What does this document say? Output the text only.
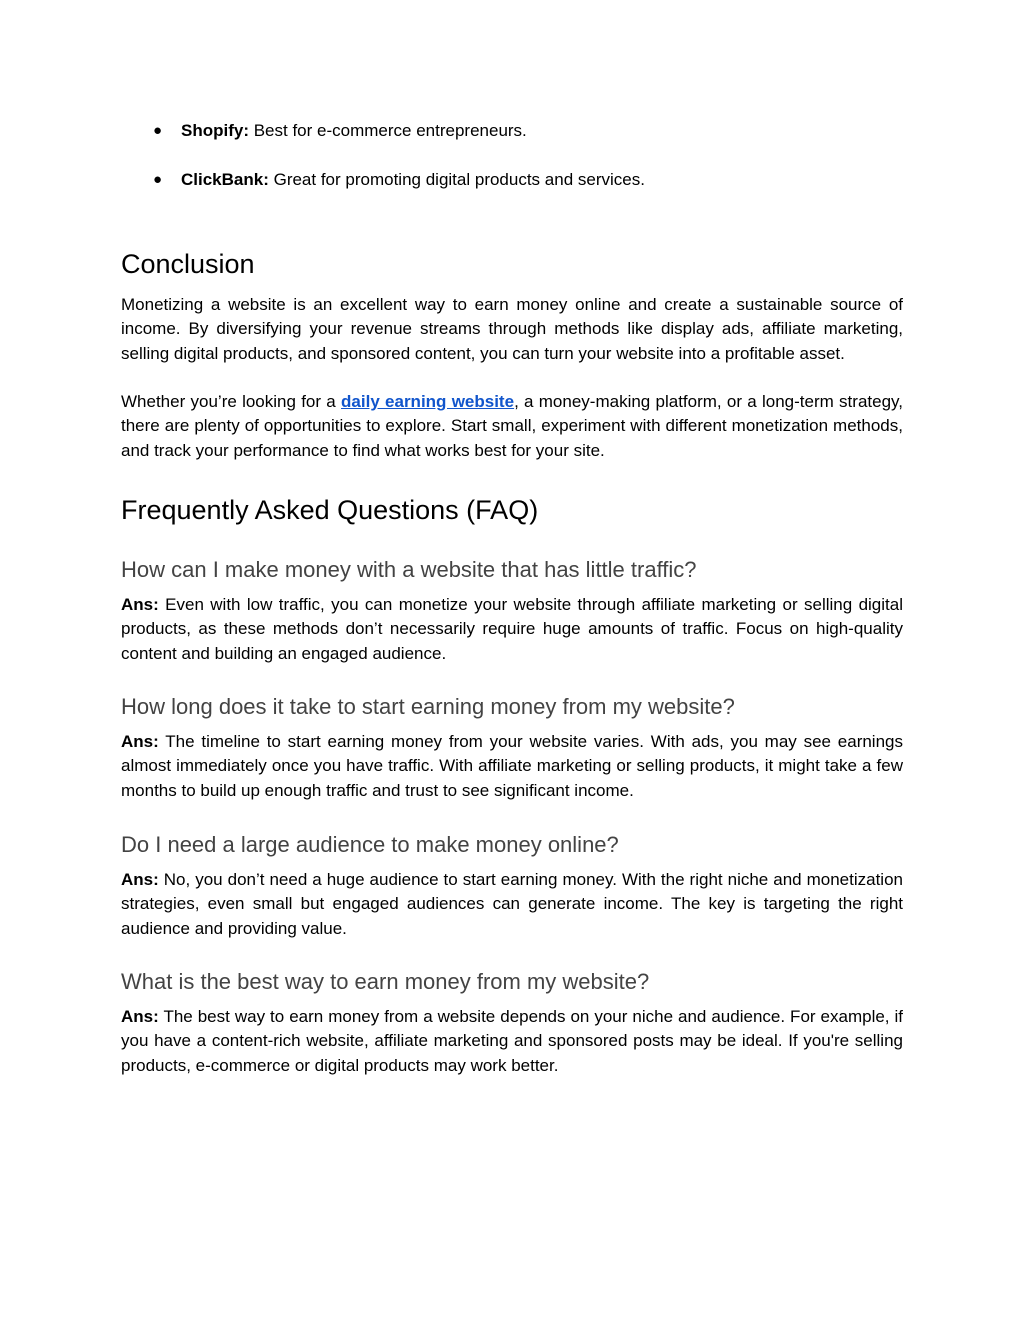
● Shopify: Best for e-commerce entrepreneurs.
● ClickBank: Great for promoting digital products and services.
Conclusion

Monetizing a website is an excellent way to earn money online and create a sustainable source of income. By diversifying your revenue streams through methods like display ads, affiliate marketing, selling digital products, and sponsored content, you can turn your website into a profitable asset.

Whether you’re looking for a daily earning website, a money-making platform, or a long-term strategy, there are plenty of opportunities to explore. Start small, experiment with different monetization methods, and track your performance to find what works best for your site.

Frequently Asked Questions (FAQ)
How can I make money with a website that has little traffic?

Ans: Even with low traffic, you can monetize your website through affiliate marketing or selling digital products, as these methods don’t necessarily require huge amounts of traffic. Focus on high-quality content and building an engaged audience.

How long does it take to start earning money from my website?

Ans: The timeline to start earning money from your website varies. With ads, you may see earnings almost immediately once you have traffic. With affiliate marketing or selling products, it might take a few months to build up enough traffic and trust to see significant income.

Do I need a large audience to make money online?

Ans: No, you don’t need a huge audience to start earning money. With the right niche and monetization strategies, even small but engaged audiences can generate income. The key is targeting the right audience and providing value.

What is the best way to earn money from my website?

Ans: The best way to earn money from a website depends on your niche and audience. For example, if you have a content-rich website, affiliate marketing and sponsored posts may be ideal. If you're selling products, e-commerce or digital products may work better.
